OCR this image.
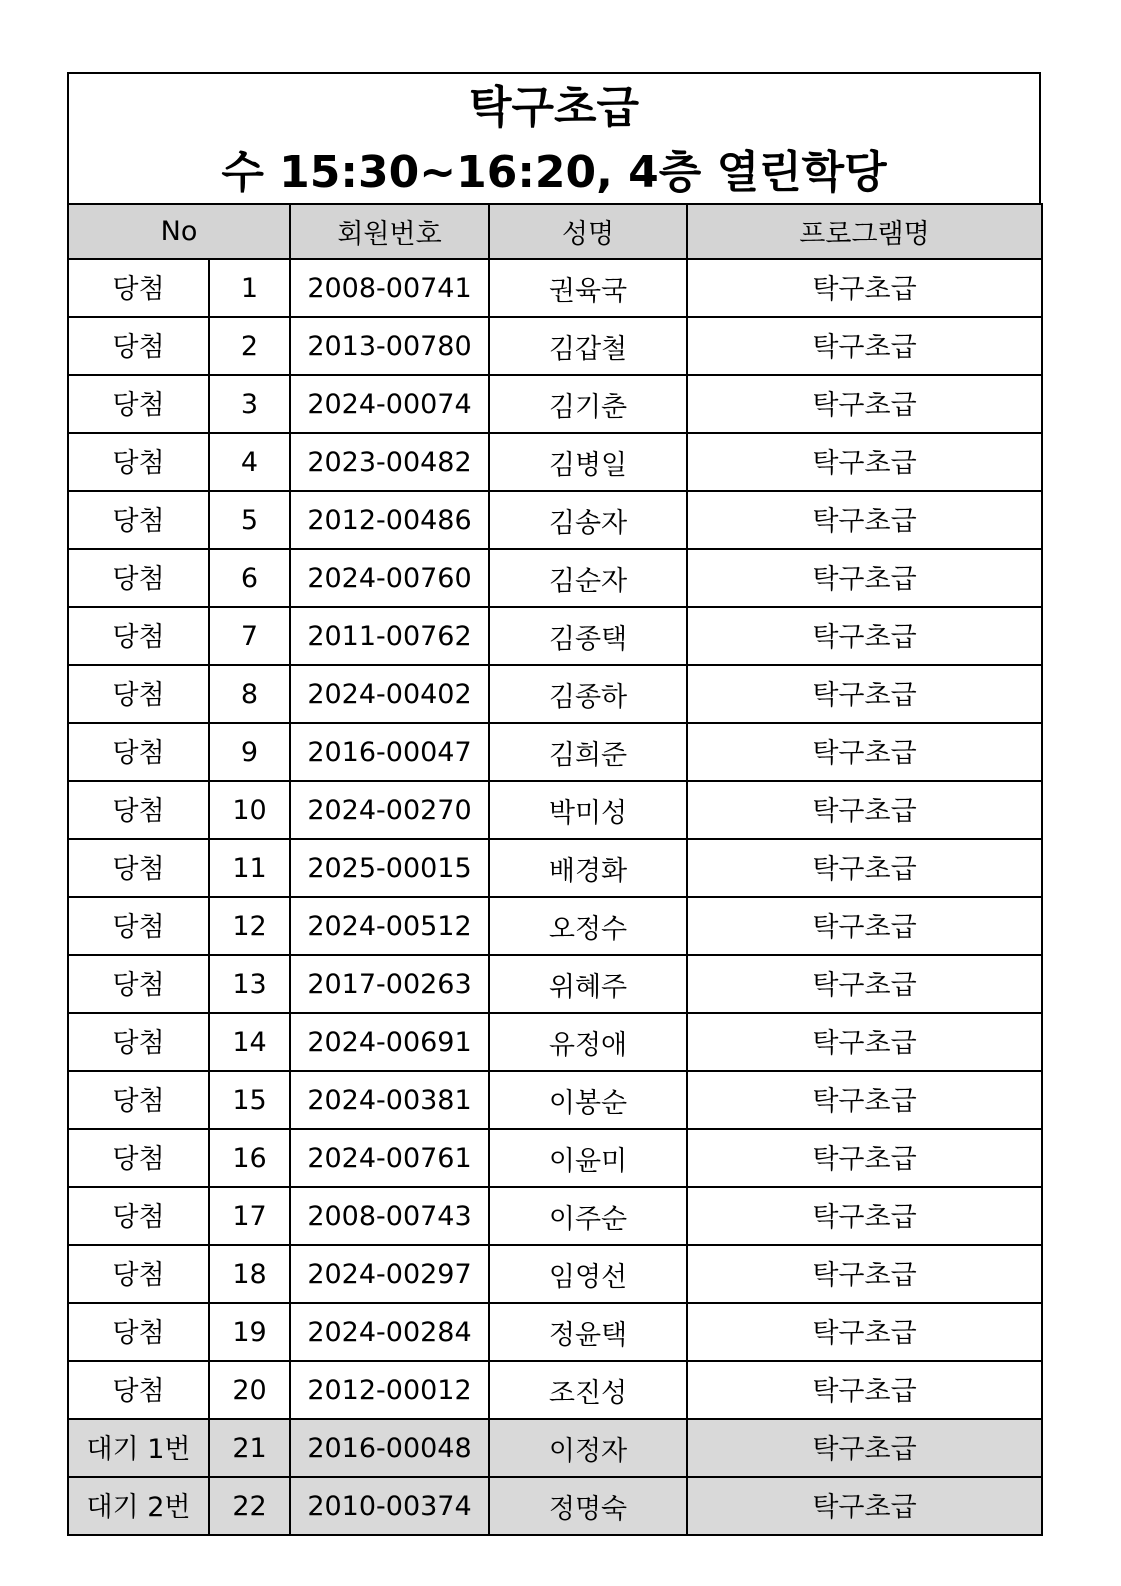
탁구초급
수 15:30~16:20, 4층 열린학당
No		회원번호	성명	프로그램명
당첨	1	2008-00741	권육국	탁구초급
당첨	2	2013-00780	김갑철	탁구초급
당첨	3	2024-00074	김기춘	탁구초급
당첨	4	2023-00482	김병일	탁구초급
당첨	5	2012-00486	김송자	탁구초급
당첨	6	2024-00760	김순자	탁구초급
당첨	7	2011-00762	김종택	탁구초급
당첨	8	2024-00402	김종하	탁구초급
당첨	9	2016-00047	김희준	탁구초급
당첨	10	2024-00270	박미성	탁구초급
당첨	11	2025-00015	배경화	탁구초급
당첨	12	2024-00512	오정수	탁구초급
당첨	13	2017-00263	위혜주	탁구초급
당첨	14	2024-00691	유정애	탁구초급
당첨	15	2024-00381	이봉순	탁구초급
당첨	16	2024-00761	이윤미	탁구초급
당첨	17	2008-00743	이주순	탁구초급
당첨	18	2024-00297	임영선	탁구초급
당첨	19	2024-00284	정윤택	탁구초급
당첨	20	2012-00012	조진성	탁구초급
대기 1번	21	2016-00048	이정자	탁구초급
대기 2번	22	2010-00374	정명숙	탁구초급
